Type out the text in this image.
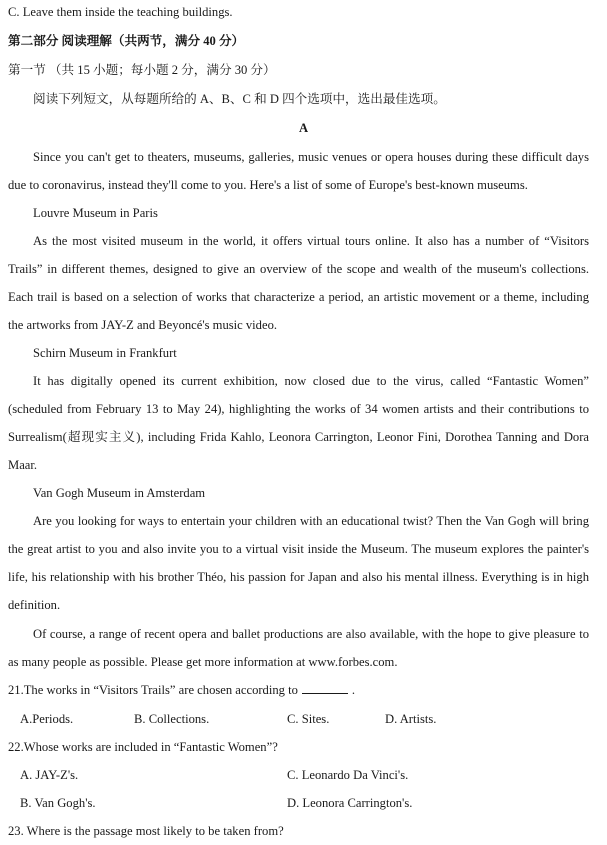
C. Leave them inside the teaching buildings.
第二部分 阅读理解（共两节，满分 40 分）
第一节 （共 15 小题；每小题 2 分，满分 30 分）
阅读下列短文，从每题所给的 A、B、C 和 D 四个选项中，选出最佳选项。
A
Since you can't get to theaters, museums, galleries, music venues or opera houses during these difficult days
due to coronavirus, instead they'll come to you. Here's a list of some of Europe's best-known museums.
Louvre Museum in Paris
As the most visited museum in the world, it offers virtual tours online. It also has a number of “Visitors
Trails” in different themes, designed to give an overview of the scope and wealth of the museum's collections.
Each trail is based on a selection of works that characterize a period, an artistic movement or a theme, including
the artworks from JAY-Z and Beyoncé's music video.
Schirn Museum in Frankfurt
It has digitally opened its current exhibition, now closed due to the virus, called “Fantastic Women”
(scheduled from February 13 to May 24), highlighting the works of 34 women artists and their contributions to
Surrealism(超现实主义), including Frida Kahlo, Leonora Carrington, Leonor Fini, Dorothea Tanning and Dora
Maar.
Van Gogh Museum in Amsterdam
Are you looking for ways to entertain your children with an educational twist? Then the Van Gogh will bring
the great artist to you and also invite you to a virtual visit inside the Museum. The museum explores the painter's
life, his relationship with his brother Théo, his passion for Japan and also his mental illness. Everything is in high
definition.
Of course, a range of recent opera and ballet productions are also available, with the hope to give pleasure to
as many people as possible. Please get more information at www.forbes.com.
21.The works in “Visitors Trails” are chosen according to	.
A.Periods.	B. Collections.	C. Sites.	D. Artists.
22.Whose works are included in “Fantastic Women”?
A. JAY-Z's.	C. Leonardo Da Vinci's.
B. Van Gogh's.	D. Leonora Carrington's.
23. Where is the passage most likely to be taken from?
